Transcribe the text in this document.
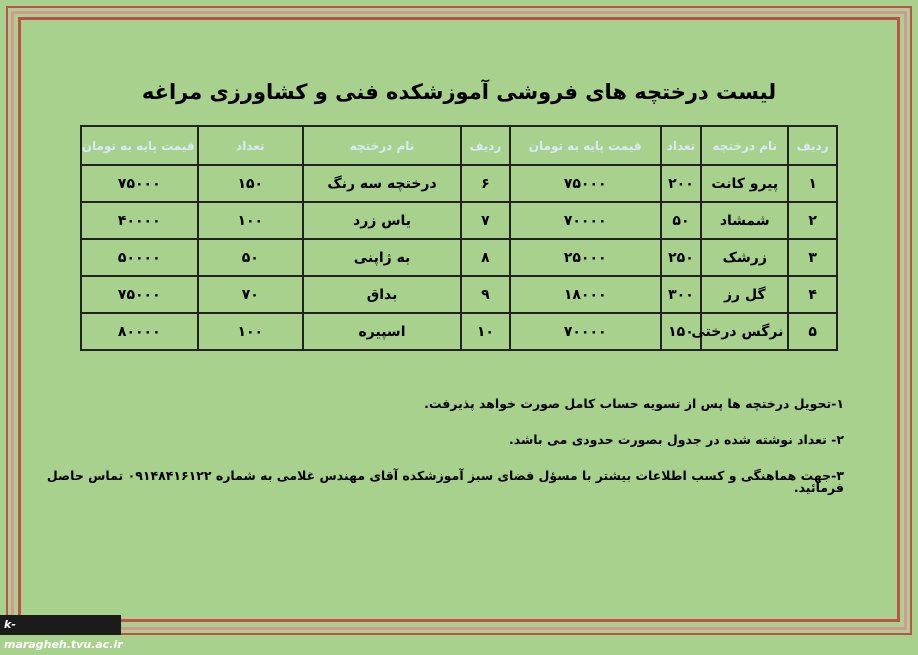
لیست درختچه های فروشی آموزشکده فنی و کشاورزی مراغه
ردیف	نام درختچه	تعداد	قیمت پایه به تومان	ردیف	نام درختچه	تعداد	قیمت پایه به تومان
۱	پیرو کانت	۲۰۰	۷۵۰۰۰	۶	درختچه سه رنگ	۱۵۰	۷۵۰۰۰
۲	شمشاد	۵۰	۷۰۰۰۰	۷	یاس زرد	۱۰۰	۴۰۰۰۰
۳	زرشک	۲۵۰	۲۵۰۰۰	۸	به ژاپنی	۵۰	۵۰۰۰۰
۴	گل رز	۳۰۰	۱۸۰۰۰	۹	بداق	۷۰	۷۵۰۰۰
۵	نرگس درختی	۱۵۰	۷۰۰۰۰	۱۰	اسپیره	۱۰۰	۸۰۰۰۰

۱-تحویل درختچه ها پس از تسویه حساب کامل صورت خواهد پذیرفت.

۲- تعداد نوشته شده در جدول بصورت حدودی می باشد.

۳-جهت هماهنگی و کسب اطلاعات بیشتر با مسؤل فضای سبز آموزشکده آقای مهندس غلامی به شماره ۰۹۱۴۸۴۱۶۱۲۲ تماس حاصل فرمائید.

k-maragheh.tvu.ac.ir
